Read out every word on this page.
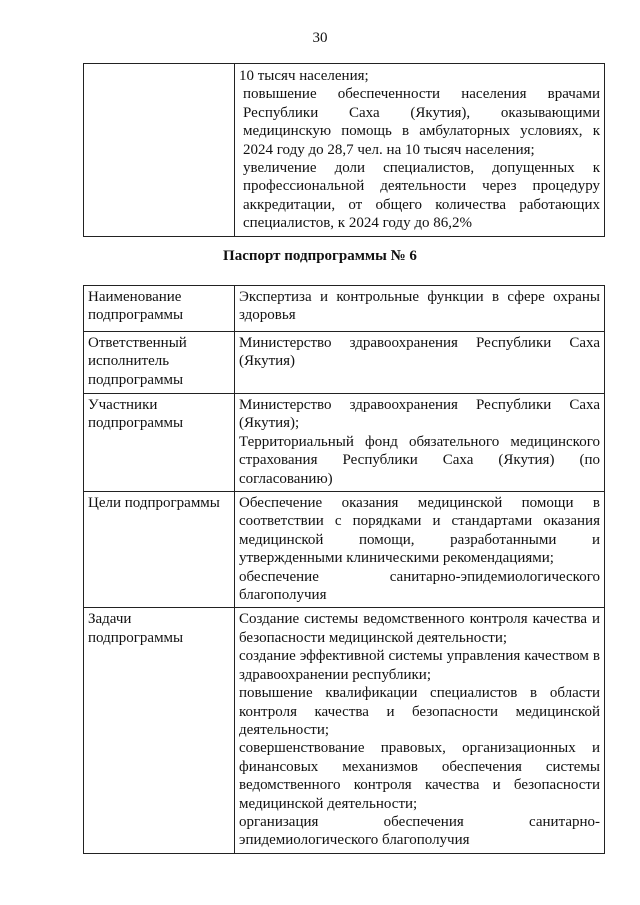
30

10 тысяч населения;
повышение обеспеченности населения врачами Республики Саха (Якутия), оказывающими медицинскую помощь в амбулаторных условиях, к 2024 году до 28,7 чел. на 10 тысяч населения;
увеличение доли специалистов, допущенных к профессиональной деятельности через процедуру аккредитации, от общего количества работающих специалистов, к 2024 году до 86,2%
Паспорт подпрограммы № 6
Наименование подпрограммы	Экспертиза и контрольные функции в сфере охраны здоровья

Ответственный исполнитель подпрограммы	Министерство здравоохранения Республики Саха (Якутия)

Участники подпрограммы	Министерство здравоохранения Республики Саха (Якутия);
Территориальный фонд обязательного медицинского страхования Республики Саха (Якутия) (по согласованию)

Цели подпрограммы	Обеспечение оказания медицинской помощи в соответствии с порядками и стандартами оказания медицинской помощи, разработанными и утвержденными клиническими рекомендациями;
обеспечение санитарно-эпидемиологического благополучия

Задачи подпрограммы	Создание системы ведомственного контроля качества и безопасности медицинской деятельности;
создание эффективной системы управления качеством в здравоохранении республики;
повышение квалификации специалистов в области контроля качества и безопасности медицинской деятельности;
совершенствование правовых, организационных и финансовых механизмов обеспечения системы ведомственного контроля качества и безопасности медицинской деятельности;
организация обеспечения санитарно-эпидемиологического благополучия
